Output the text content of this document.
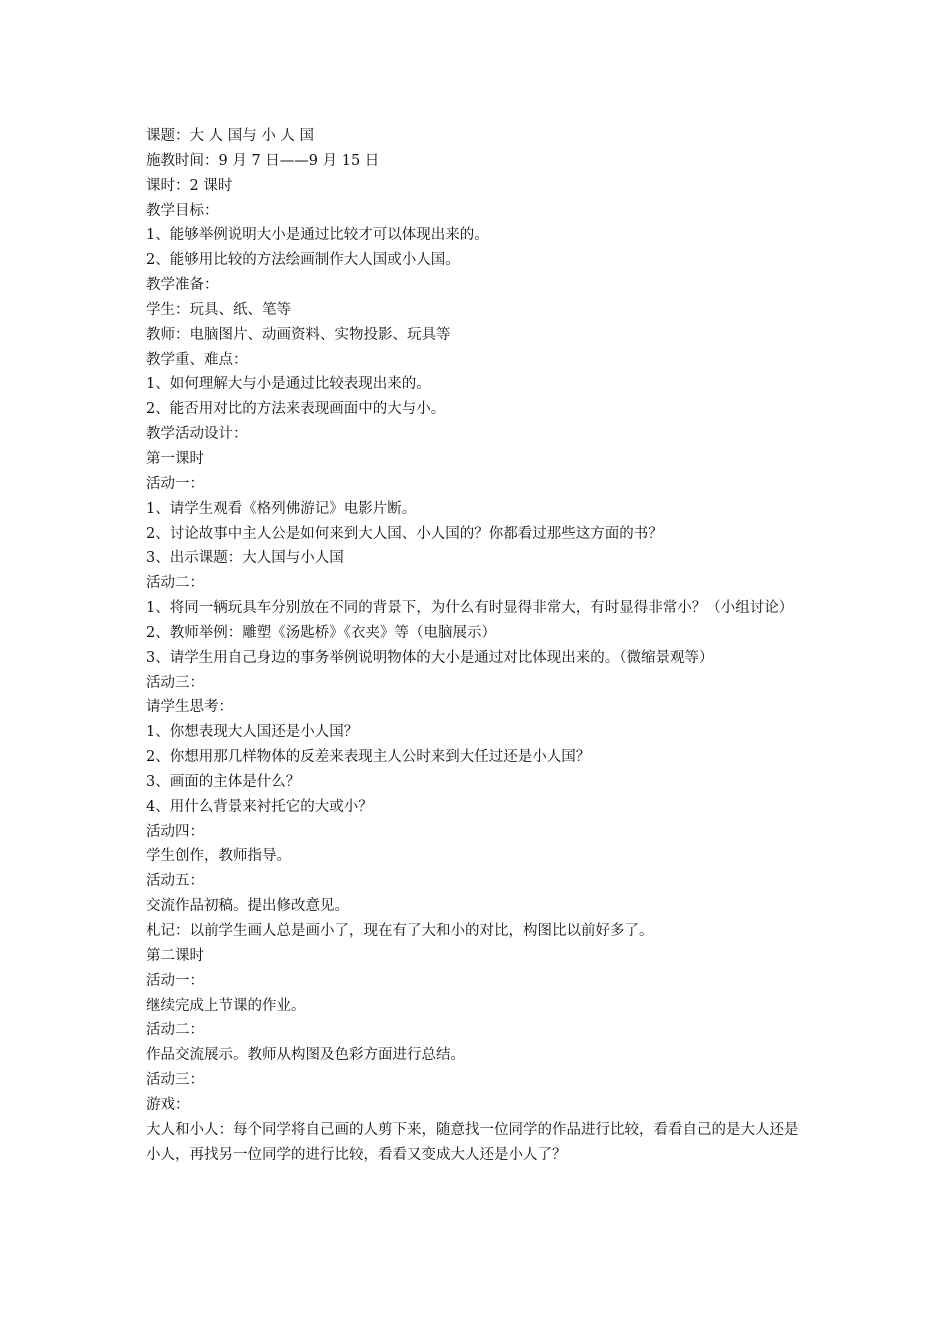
课题：大 人 国与 小 人 国

施教时间：9 月 7 日——9 月 15 日

课时：2 课时

教学目标：

1、能够举例说明大小是通过比较才可以体现出来的。

2、能够用比较的方法绘画制作大人国或小人国。

教学准备：

学生：玩具、纸、笔等

教师：电脑图片、动画资料、实物投影、玩具等

教学重、难点：

1、如何理解大与小是通过比较表现出来的。

2、能否用对比的方法来表现画面中的大与小。

教学活动设计：

第一课时

活动一：

1、请学生观看《格列佛游记》电影片断。

2、讨论故事中主人公是如何来到大人国、小人国的？你都看过那些这方面的书？

3、出示课题：大人国与小人国

活动二：

1、将同一辆玩具车分别放在不同的背景下，为什么有时显得非常大，有时显得非常小？（小组讨论）

2、教师举例：雕塑《汤匙桥》《衣夹》等（电脑展示）

3、请学生用自己身边的事务举例说明物体的大小是通过对比体现出来的。（微缩景观等）

活动三：

请学生思考：

1、你想表现大人国还是小人国？

2、你想用那几样物体的反差来表现主人公时来到大任过还是小人国？

3、画面的主体是什么？

4、用什么背景来衬托它的大或小？

活动四：

学生创作，教师指导。

活动五：

交流作品初稿。提出修改意见。

札记：以前学生画人总是画小了，现在有了大和小的对比，构图比以前好多了。

第二课时

活动一：

继续完成上节课的作业。

活动二：

作品交流展示。教师从构图及色彩方面进行总结。

活动三：

游戏：

大人和小人：每个同学将自己画的人剪下来，随意找一位同学的作品进行比较，看看自己的是大人还是小人，再找另一位同学的进行比较，看看又变成大人还是小人了？
